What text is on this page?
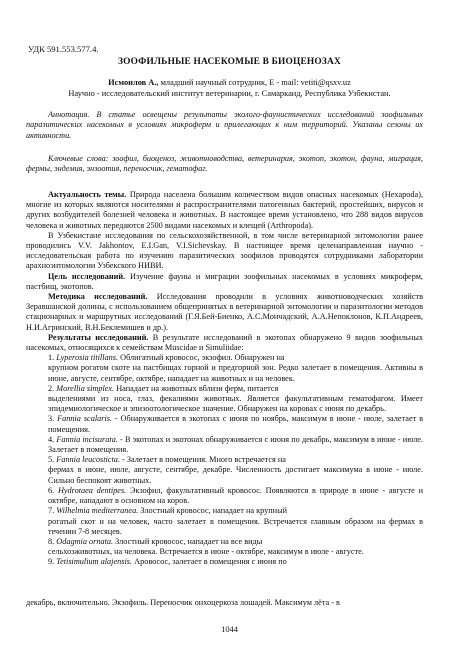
УДК 591.553.577.4.
ЗООФИЛЬНЫЕ НАСЕКОМЫЕ В БИОЦЕНОЗАХ
Исмоилов А., младший научный сотрудник, E - mail: vetiti@qsxv.uz
Научно - исследовательский институт ветеринарии, г. Самарканд, Республика Узбекистан.
Аннотация. В статье освещены результаты эколого-фаунистических исследований зоофильных паразитических насекомых в условиях микроферм и прилегающих к ним территорий. Указаны сезоны их активности.
Ключевые слова: зоофил, биоценоз, животноводства, ветеринария, экотоп, экотон, фауна, миграция, фермы, эндемия, энзоотия, переносчик, гематофаг.

Актуальность темы. Природа населена большим количеством видов опасных насекомых (Hexapoda), многие из которых являются носителями и распространителями патогенных бактерий, простейших, вирусов и других возбудителей болезней человека и животных. В настоящее время установлено, что 288 видов вирусов человека и животных передаются 2500 видами насекомых и клещей (Arthropoda).

В Узбекистане исследования по сельскохозяйственной, в том числе ветеринарной энтомологии ранее проводились V.V. Jakhontov, E.I.Gan, V.I.Sichevskay. В настоящее время целенаправленная научно - исследовательская работа по изучению паразитических зоофилов проводятся сотрудниками лаборатории арахноэнтомологии Узбекского НИВИ.

Цель исследований. Изучение фауны и миграции зоофильных насекомых в условиях микроферм, пастбищ, экотопов.

Методика исследований. Исследования проводили в условиях животноводческих хозяйств Зеравшанской долины, с использованием общепринятых в ветеринарной энтомологии и паразитологии методов стационарных и маршрутных исследований (Г.Я.Бей-Биенко, А.С.Мончадский, А.А.Непоклонов, К.П.Андреев, Н.И.Агринский, В.Н.Беклемишев и др.).

Результаты исследований. В результате исследований в экотопах обнаружено 9 видов зоофильных насекомых, относящихся к семействам Muscidae и Simuliidae:

1. Lyperosia titillans. Облигатный кровосос, экзофил. Обнаружен на

крупном рогатом скоте на пастбищах горной и предгорной зон. Редко залетает в помещения. Активны в июне, августе, сентябре, октябре, нападает на животных и на человек.

2. Morellia simplex. Нападает на животных вблизи ферм, питается

выделениями из носа, глаз, фекалиями животных. Является факультативным гематофагом. Имеет эпидемиологическое и эпизоотологическое значение. Обнаружен на коровах с июня по декабрь.

3. Fannia scalaris. - Обнаруживается в экотопах с июня по ноябрь, максимум в июне - июле, залетает в помещения.

4. Fannia incisurata. - В экотопах и экотонах обнаруживается с июня по декабрь, максимум в июне - июле. Залетает в помещения.

5. Fannia leucosticta. - Залетает в помещения. Много встречается на

фермах в июне, июле, августе, сентябре, декабре. Численность достигает максимума в июне - июле. Сильно беспокоят животных.

6. Hydrotaea dentipes. Экзофил, факультативный кровосос. Появляются в природе в июне - августе и октябре, нападают в основном на коров.

7. Wilhelmia mediterranea. Злостный кровосос, нападает на крупный

рогатый скот и на человек, часто залетает в помещения. Встречается главным образом на фермах в течении 7-8 месяцев.

8. Odagmia ornata. Злостный кровосос, нападает на все виды

сельхозживотных, на человека. Встречается в июне - октябре, максимум в июле - августе.

9. Tetisimulium alajensis. Аровосос, залетает в помещения с июня по

декабрь, включительно. Экзофиль. Переносчик онхоцеркоза лошадей. Максимум лёта - в
1044
